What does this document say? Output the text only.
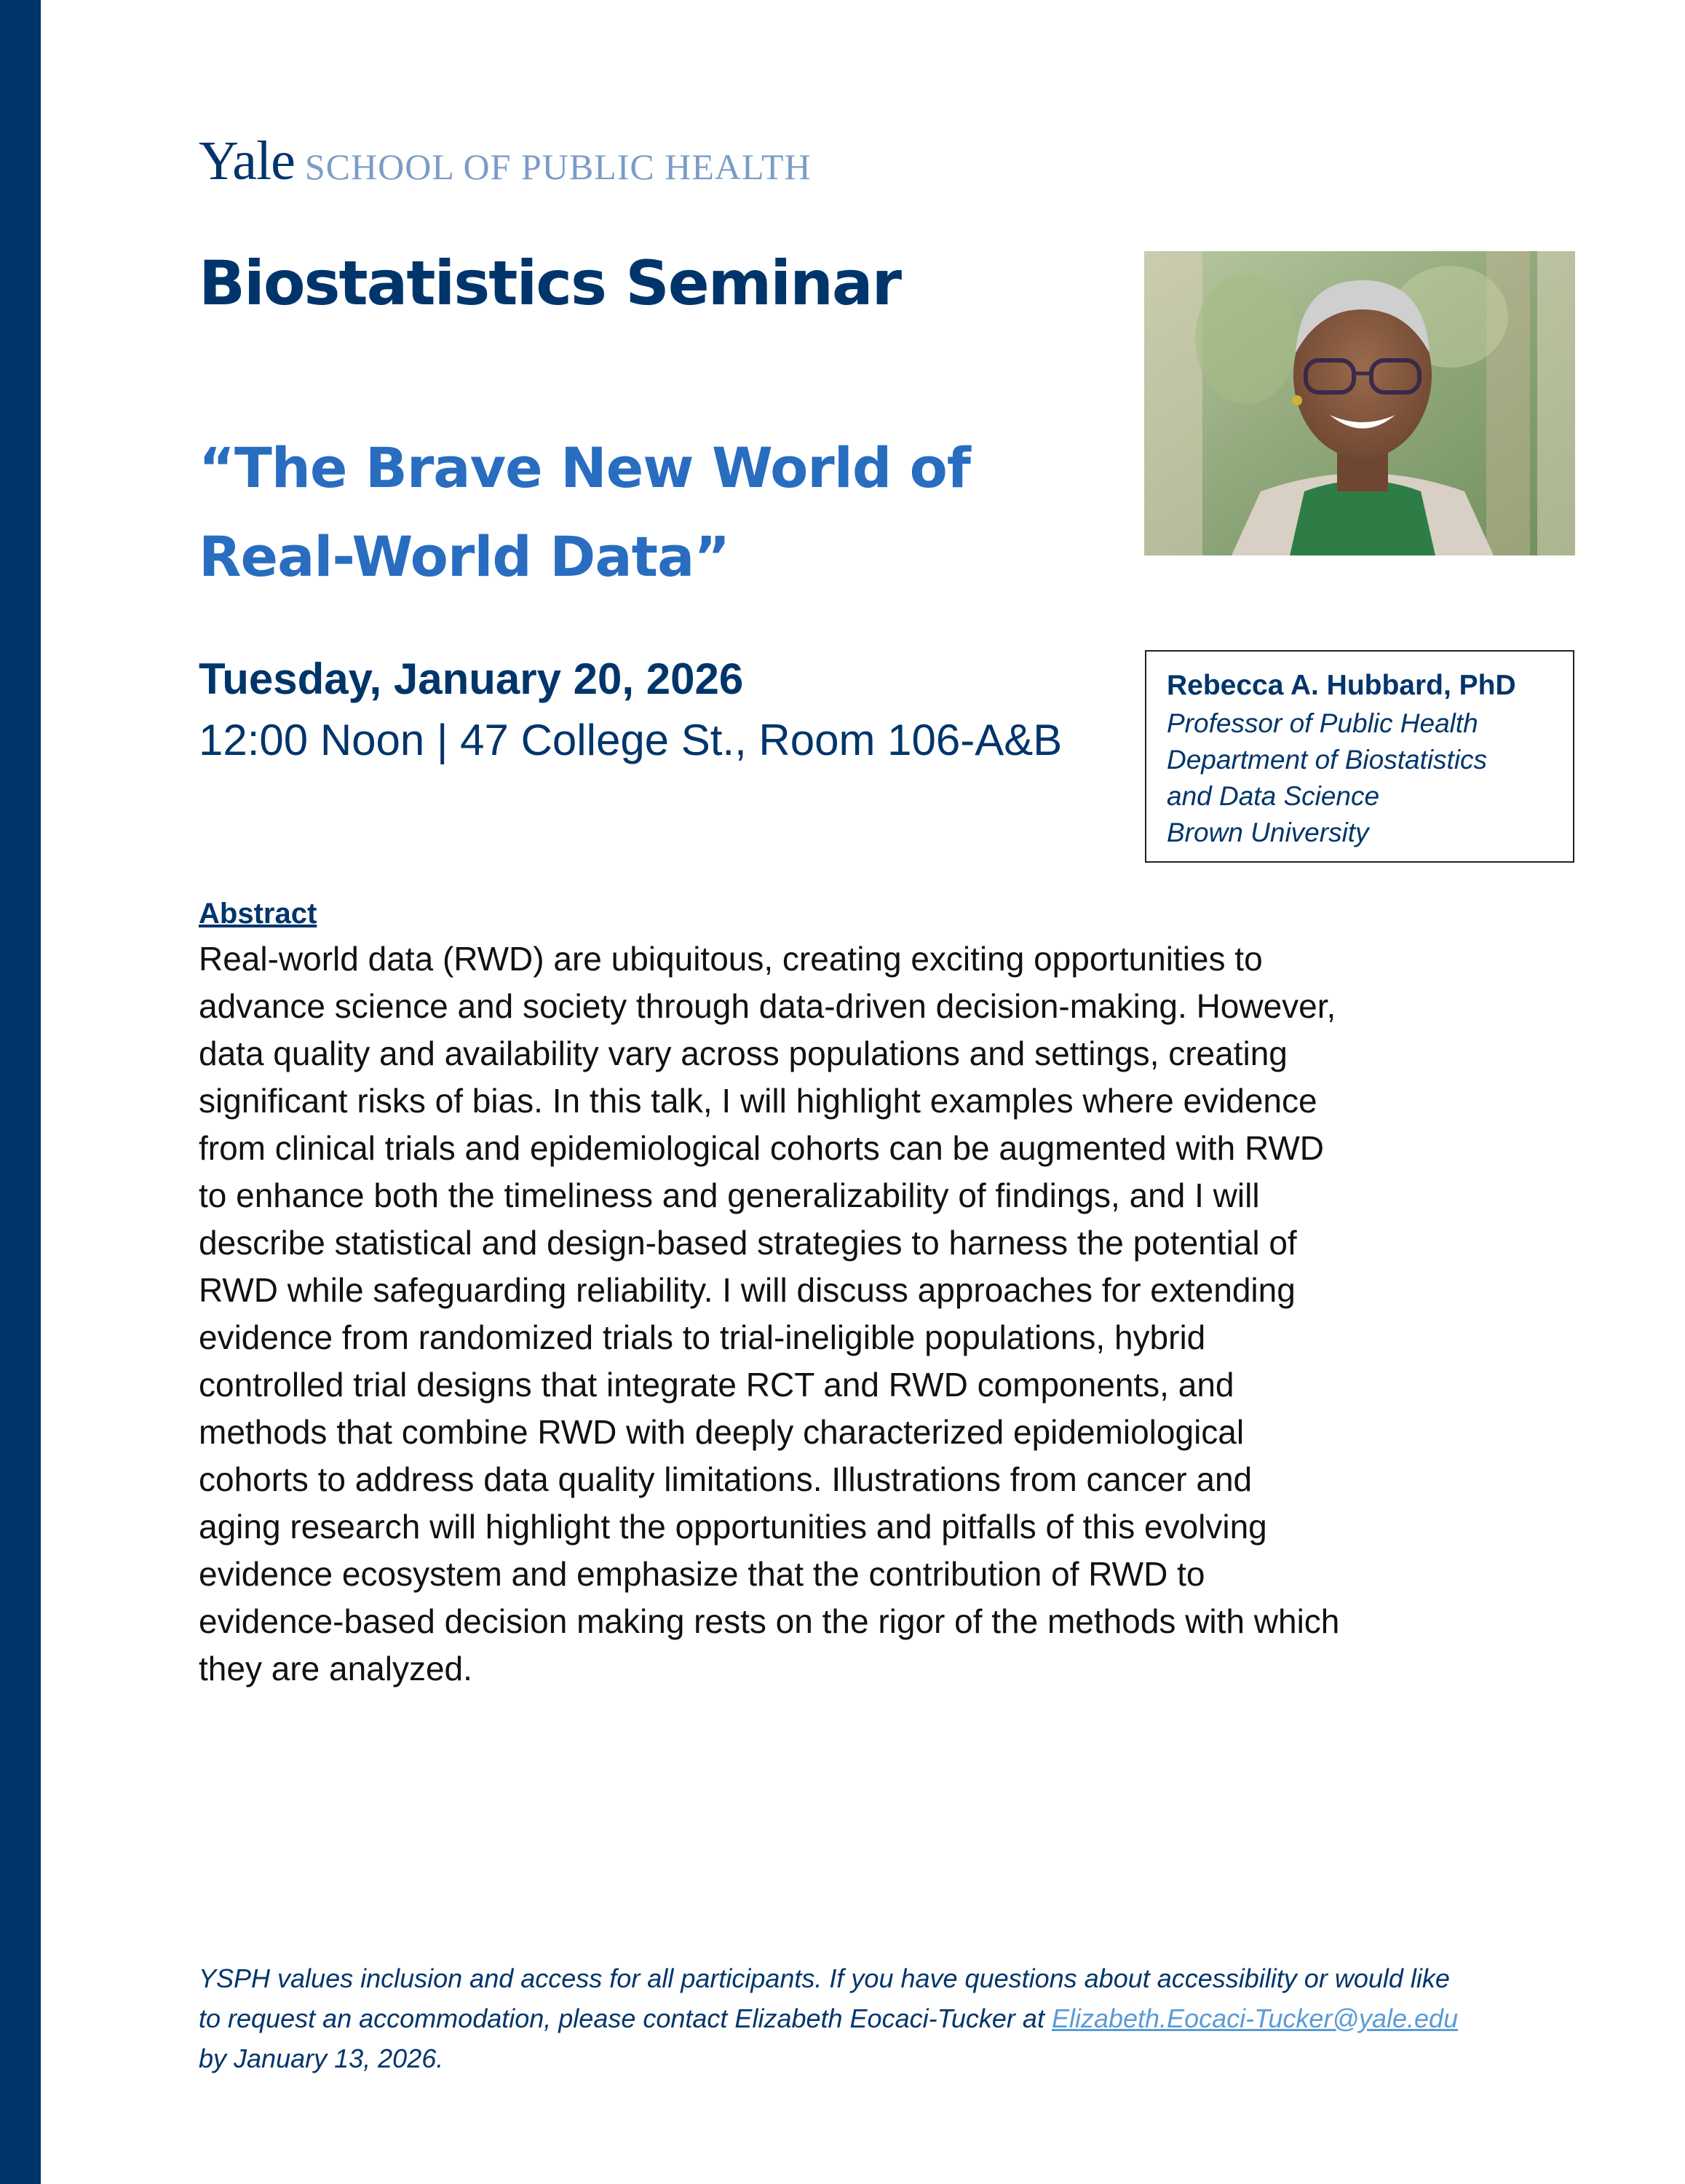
Yale SCHOOL OF PUBLIC HEALTH
Biostatistics Seminar
“The Brave New World of
Real-World Data”
Tuesday, January 20, 2026
12:00 Noon | 47 College St., Room 106-A&B
Rebecca A. Hubbard, PhD
Professor of Public Health
Department of Biostatistics
and Data Science
Brown University
Abstract
Real-world data (RWD) are ubiquitous, creating exciting opportunities to
advance science and society through data-driven decision-making. However,
data quality and availability vary across populations and settings, creating
significant risks of bias. In this talk, I will highlight examples where evidence
from clinical trials and epidemiological cohorts can be augmented with RWD
to enhance both the timeliness and generalizability of findings, and I will
describe statistical and design-based strategies to harness the potential of
RWD while safeguarding reliability. I will discuss approaches for extending
evidence from randomized trials to trial-ineligible populations, hybrid
controlled trial designs that integrate RCT and RWD components, and
methods that combine RWD with deeply characterized epidemiological
cohorts to address data quality limitations. Illustrations from cancer and
aging research will highlight the opportunities and pitfalls of this evolving
evidence ecosystem and emphasize that the contribution of RWD to
evidence-based decision making rests on the rigor of the methods with which
they are analyzed.
YSPH values inclusion and access for all participants. If you have questions about accessibility or would like
to request an accommodation, please contact Elizabeth Eocaci-Tucker at Elizabeth.Eocaci-Tucker@yale.edu
by January 13, 2026.
